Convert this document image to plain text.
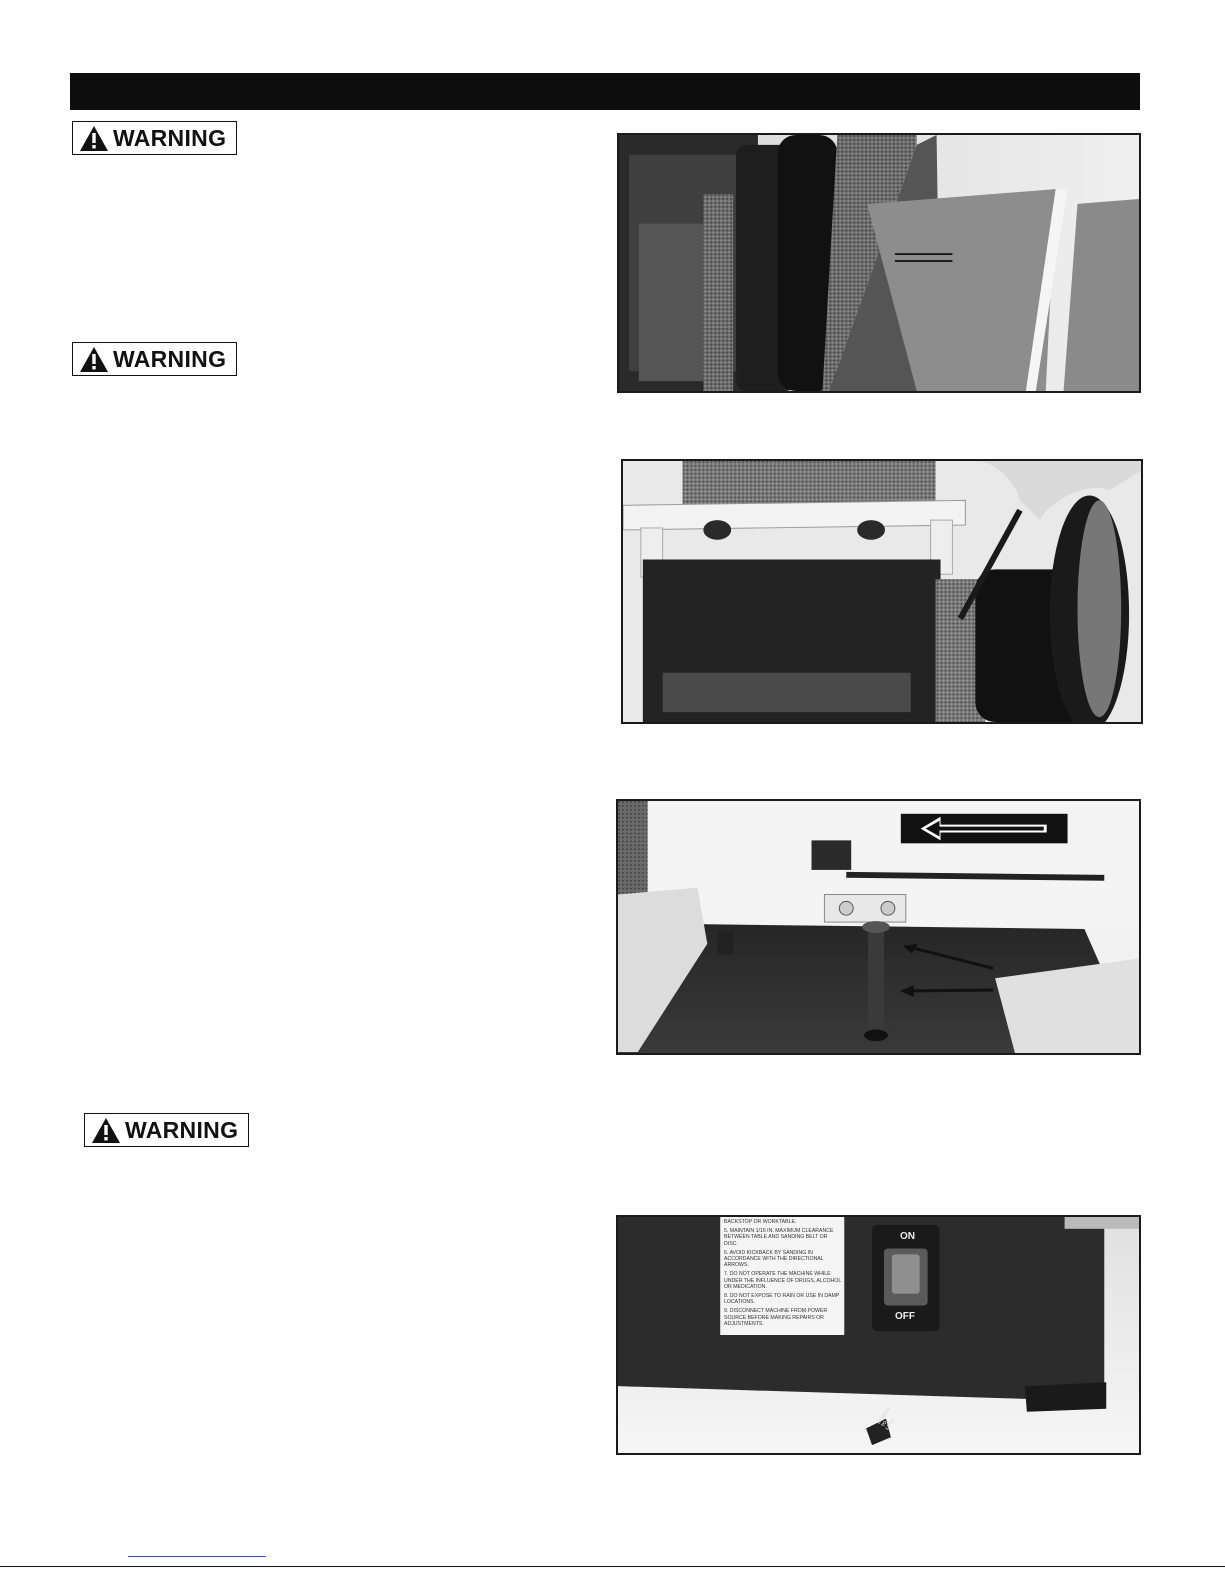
WARNING
WARNING
WARNING
BACKSTOP OR WORKTABLE.
5. MAINTAIN 1/16 IN. MAXIMUM CLEARANCE BETWEEN TABLE AND SANDING BELT OR DISC.
6. AVOID KICKBACK BY SANDING IN ACCORDANCE WITH THE DIRECTIONAL ARROWS.
7. DO NOT OPERATE THE MACHINE WHILE UNDER THE INFLUENCE OF DRUGS, ALCOHOL OR MEDICATION.
8. DO NOT EXPOSE TO RAIN OR USE IN DAMP LOCATIONS.
9. DISCONNECT MACHINE FROM POWER SOURCE BEFORE MAKING REPAIRS OR ADJUSTMENTS.
ON
OFF
REMOVE TO LOCK
